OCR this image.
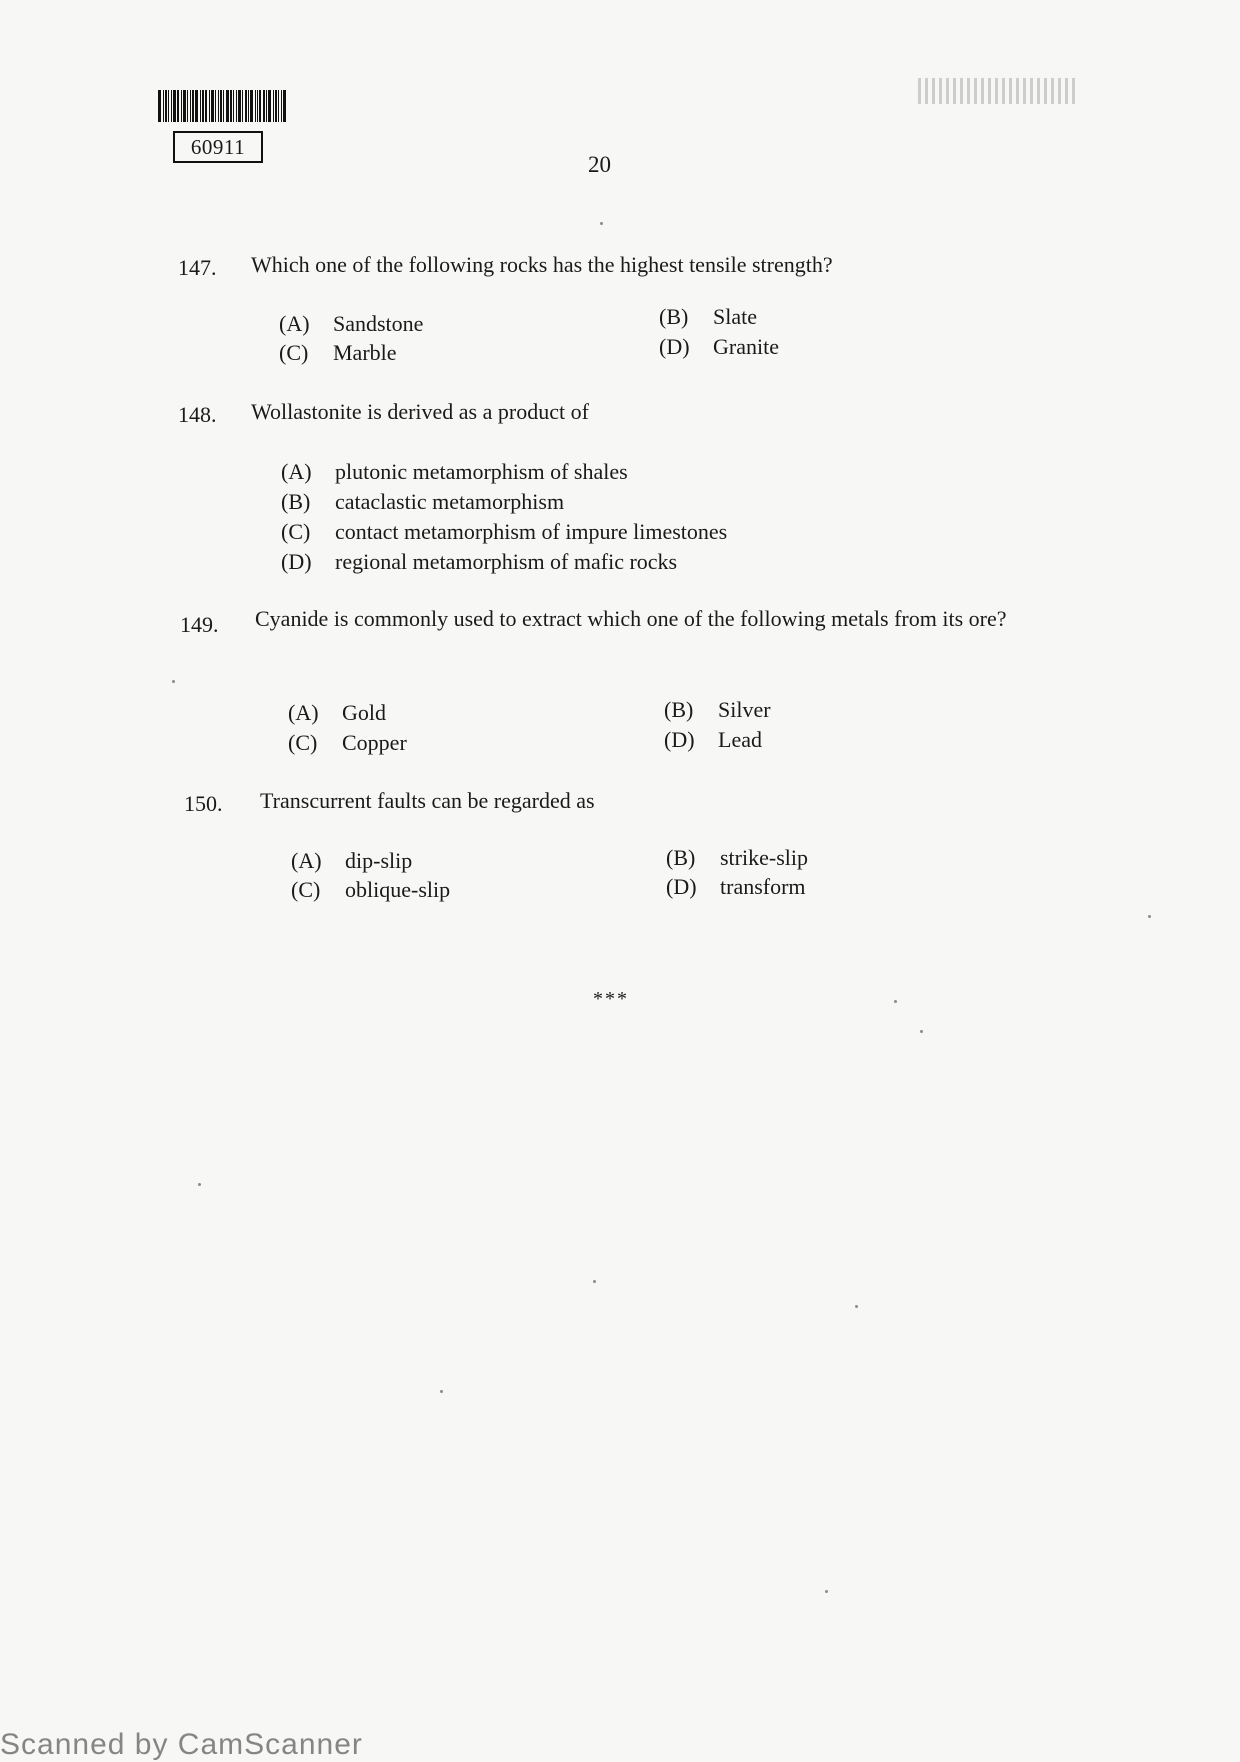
60911
20
147. Which one of the following rocks has the highest tensile strength?
(A) Sandstone	(B) Slate
(C) Marble	(D) Granite
148. Wollastonite is derived as a product of
(A) plutonic metamorphism of shales
(B) cataclastic metamorphism
(C) contact metamorphism of impure limestones
(D) regional metamorphism of mafic rocks
149. Cyanide is commonly used to extract which one of the following metals from its ore?
(A) Gold	(B) Silver
(C) Copper	(D) Lead
150. Transcurrent faults can be regarded as
(A) dip-slip	(B) strike-slip
(C) oblique-slip	(D) transform
***
Scanned by CamScanner
